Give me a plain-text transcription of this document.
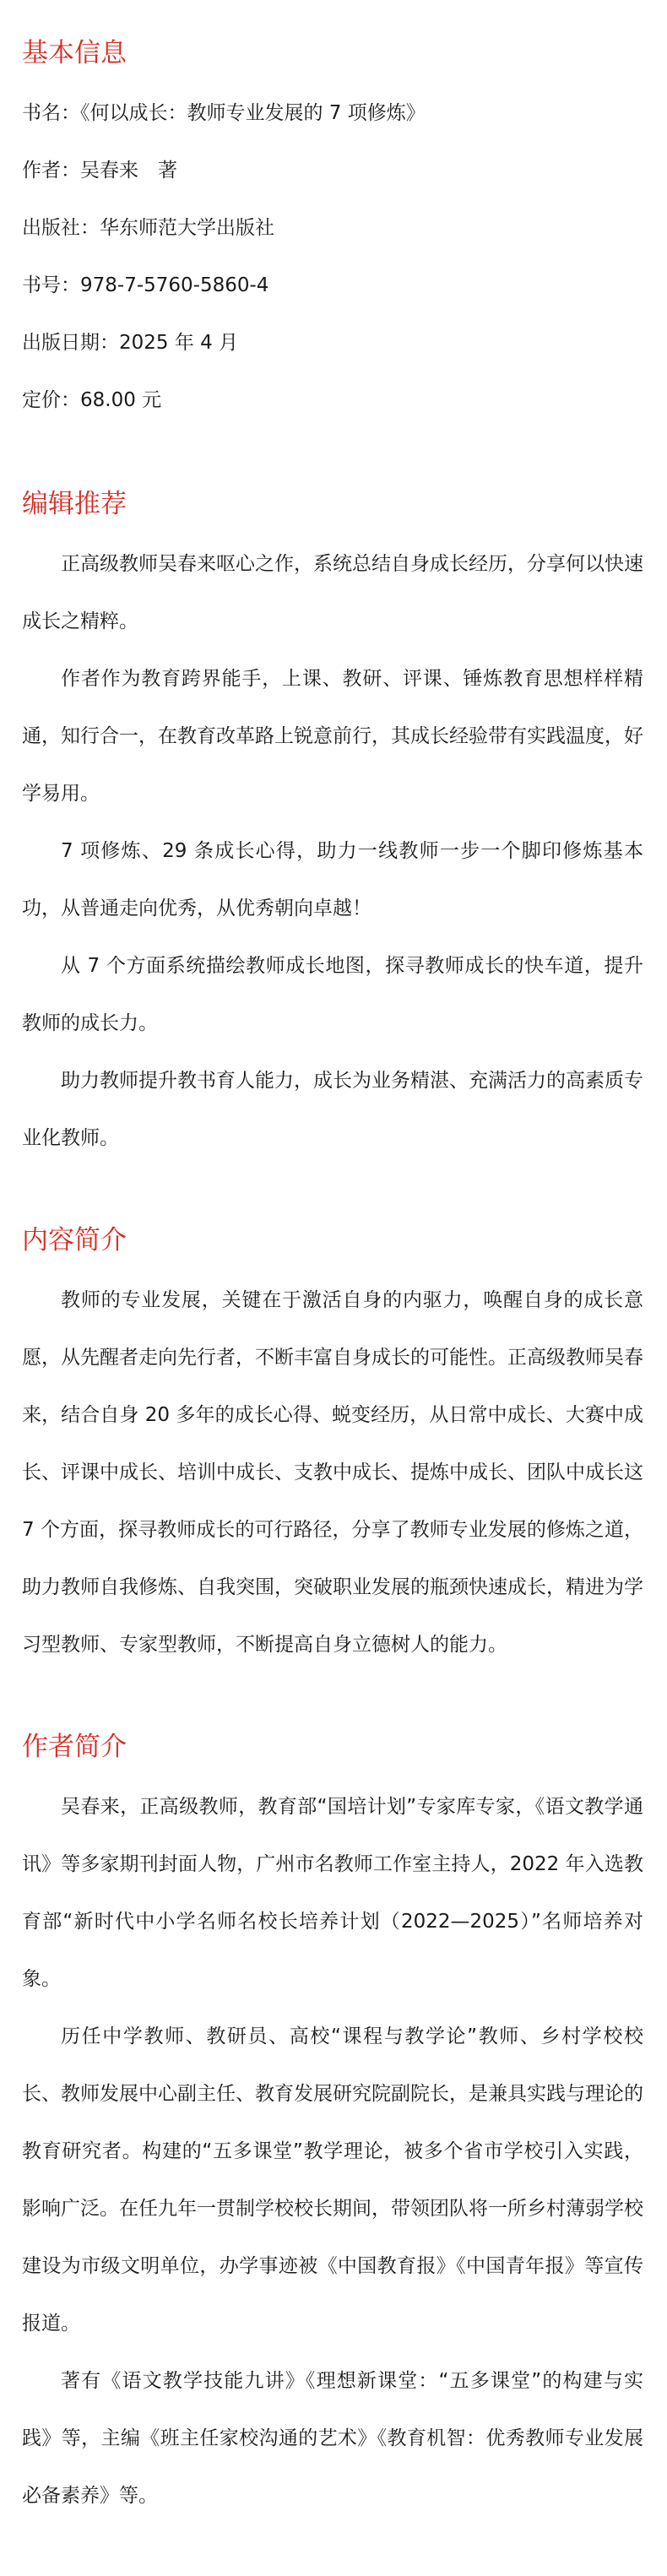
基本信息

书名：《何以成长：教师专业发展的 7 项修炼》

作者：吴春来　著

出版社：华东师范大学出版社

书号：978-7-5760-5860-4

出版日期：2025 年 4 月

定价：68.00 元

编辑推荐

正高级教师吴春来呕心之作，系统总结自身成长经历，分享何以快速成长之精粹。

作者作为教育跨界能手，上课、教研、评课、锤炼教育思想样样精通，知行合一，在教育改革路上锐意前行，其成长经验带有实践温度，好学易用。

7 项修炼、29 条成长心得，助力一线教师一步一个脚印修炼基本功，从普通走向优秀，从优秀朝向卓越！

从 7 个方面系统描绘教师成长地图，探寻教师成长的快车道，提升教师的成长力。

助力教师提升教书育人能力，成长为业务精湛、充满活力的高素质专业化教师。

内容简介

教师的专业发展，关键在于激活自身的内驱力，唤醒自身的成长意愿，从先醒者走向先行者，不断丰富自身成长的可能性。正高级教师吴春来，结合自身 20 多年的成长心得、蜕变经历，从日常中成长、大赛中成长、评课中成长、培训中成长、支教中成长、提炼中成长、团队中成长这 7 个方面，探寻教师成长的可行路径，分享了教师专业发展的修炼之道，助力教师自我修炼、自我突围，突破职业发展的瓶颈快速成长，精进为学习型教师、专家型教师，不断提高自身立德树人的能力。

作者简介

吴春来，正高级教师，教育部“国培计划”专家库专家，《语文教学通讯》等多家期刊封面人物，广州市名教师工作室主持人，2022 年入选教育部“新时代中小学名师名校长培养计划（2022—2025）”名师培养对象。

历任中学教师、教研员、高校“课程与教学论”教师、乡村学校校长、教师发展中心副主任、教育发展研究院副院长，是兼具实践与理论的教育研究者。构建的“五多课堂”教学理论，被多个省市学校引入实践，影响广泛。在任九年一贯制学校校长期间，带领团队将一所乡村薄弱学校建设为市级文明单位，办学事迹被《中国教育报》《中国青年报》等宣传报道。

著有《语文教学技能九讲》《理想新课堂：“五多课堂”的构建与实践》等，主编《班主任家校沟通的艺术》《教育机智：优秀教师专业发展必备素养》等。
